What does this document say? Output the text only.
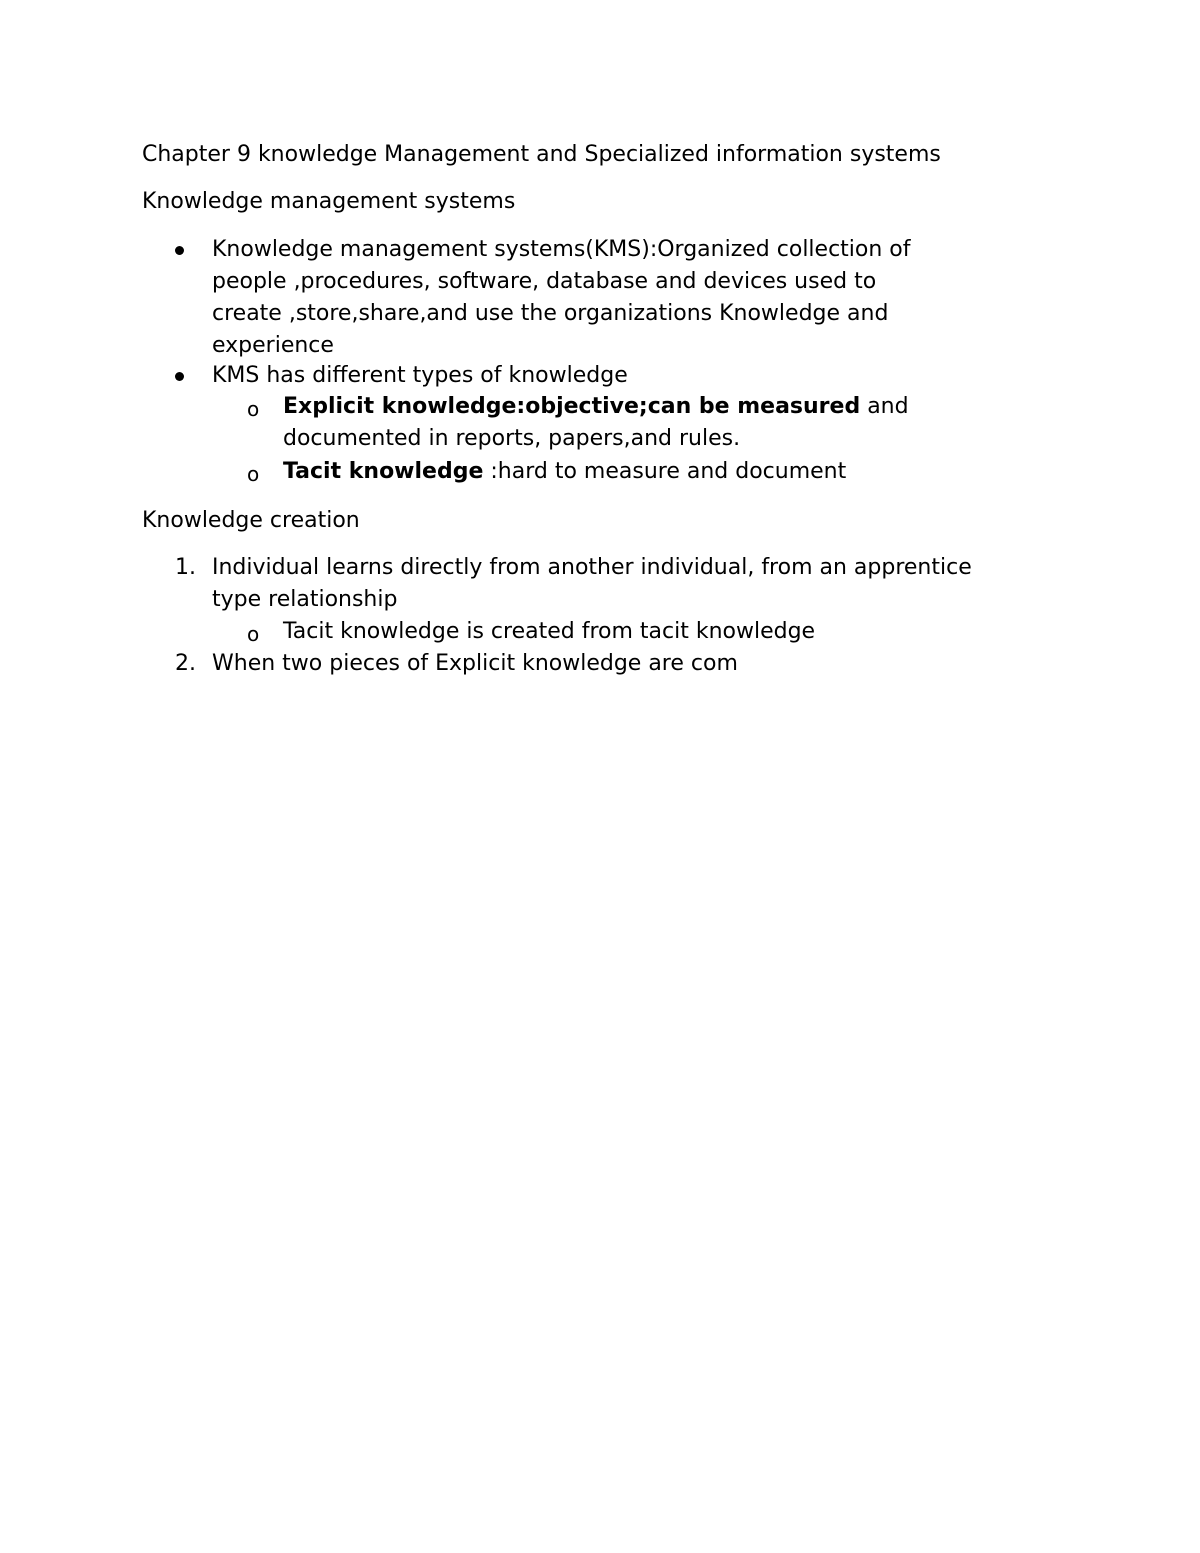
Chapter 9 knowledge Management and Specialized information systems

Knowledge management systems

Knowledge management systems(KMS):Organized collection of
people ,procedures, software, database and devices used to
create ,store,share,and use the organizations Knowledge and
experience
KMS has different types of knowledge
o Explicit knowledge:objective;can be measured and
documented in reports, papers,and rules.
o Tacit knowledge :hard to measure and document

Knowledge creation

1. Individual learns directly from another individual, from an apprentice
type relationship
o Tacit knowledge is created from tacit knowledge
2. When two pieces of Explicit knowledge are com
